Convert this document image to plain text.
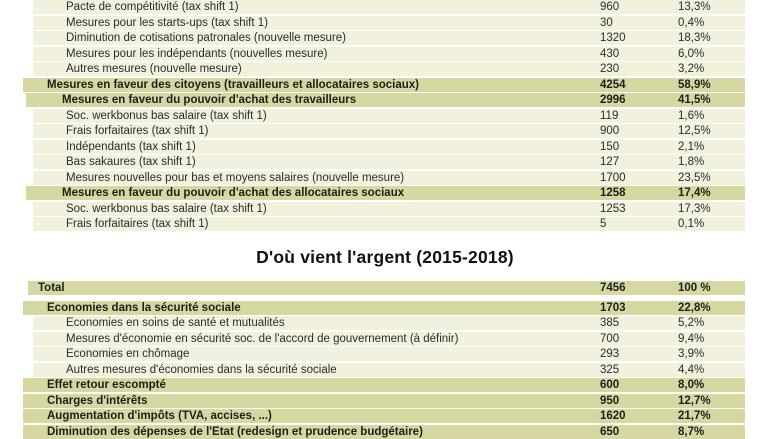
Pacte de compétitivité (tax shift 1)	960	13,3%
Mesures pour les starts-ups (tax shift 1)	30	0,4%
Diminution de cotisations patronales (nouvelle mesure)	1320	18,3%
Mesures pour les indépendants (nouvelles mesure)	430	6,0%
Autres mesures (nouvelle mesure)	230	3,2%
Mesures en faveur des citoyens (travailleurs et allocataires sociaux)	4254	58,9%
Mesures en faveur du pouvoir d'achat des travailleurs	2996	41,5%
Soc. werkbonus bas salaire (tax shift 1)	119	1,6%
Frais forfaitaires (tax shift 1)	900	12,5%
Indépendants (tax shift 1)	150	2,1%
Bas sakaures (tax shift 1)	127	1,8%
Mesures nouvelles pour bas et moyens salaires (nouvelle mesure)	1700	23,5%
Mesures en faveur du pouvoir d'achat des allocataires sociaux	1258	17,4%
Soc. werkbonus bas salaire (tax shift 1)	1253	17,3%
Frais forfaitaires (tax shift 1)	5	0,1%
D'où vient l'argent (2015-2018)
Total	7456	100 %
Economies dans la sécurité sociale	1703	22,8%
Economies en soins de santé et mutualités	385	5,2%
Mesures d'économie en sécurité soc. de l'accord de gouvernement (à définir)	700	9,4%
Economies en chômage	293	3,9%
Autres mesures d'économies dans la sécurité sociale	325	4,4%
Effet retour escompté	600	8,0%
Charges d'intérêts	950	12,7%
Augmentation d'impôts (TVA, accises, ...)	1620	21,7%
Diminution des dépenses de l'Etat (redesign et prudence budgétaire)	650	8,7%
